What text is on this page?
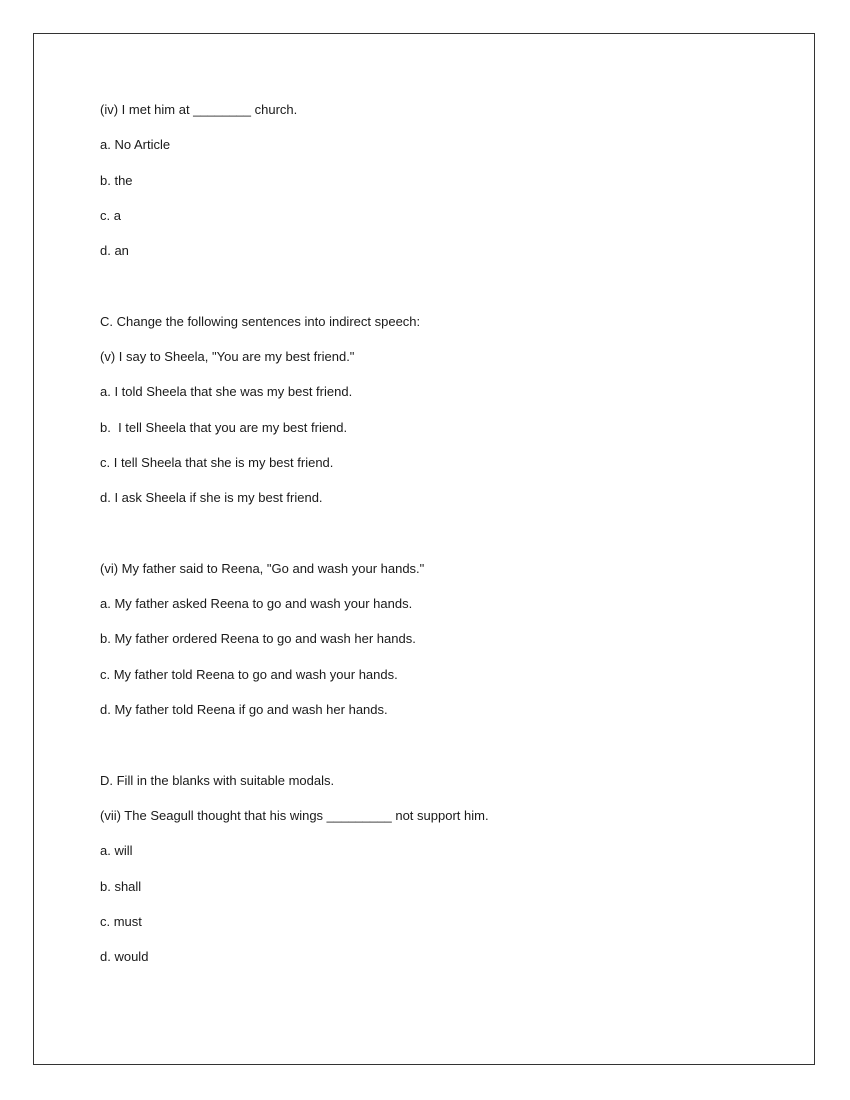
(iv) I met him at ________ church.
a. No Article
b. the
c. a
d. an
C. Change the following sentences into indirect speech:
(v) I say to Sheela, "You are my best friend."
a. I told Sheela that she was my best friend.
b.  I tell Sheela that you are my best friend.
c. I tell Sheela that she is my best friend.
d. I ask Sheela if she is my best friend.
(vi) My father said to Reena, "Go and wash your hands."
a. My father asked Reena to go and wash your hands.
b. My father ordered Reena to go and wash her hands.
c. My father told Reena to go and wash your hands.
d. My father told Reena if go and wash her hands.
D. Fill in the blanks with suitable modals.
(vii) The Seagull thought that his wings _________ not support him.
a. will
b. shall
c. must
d. would
